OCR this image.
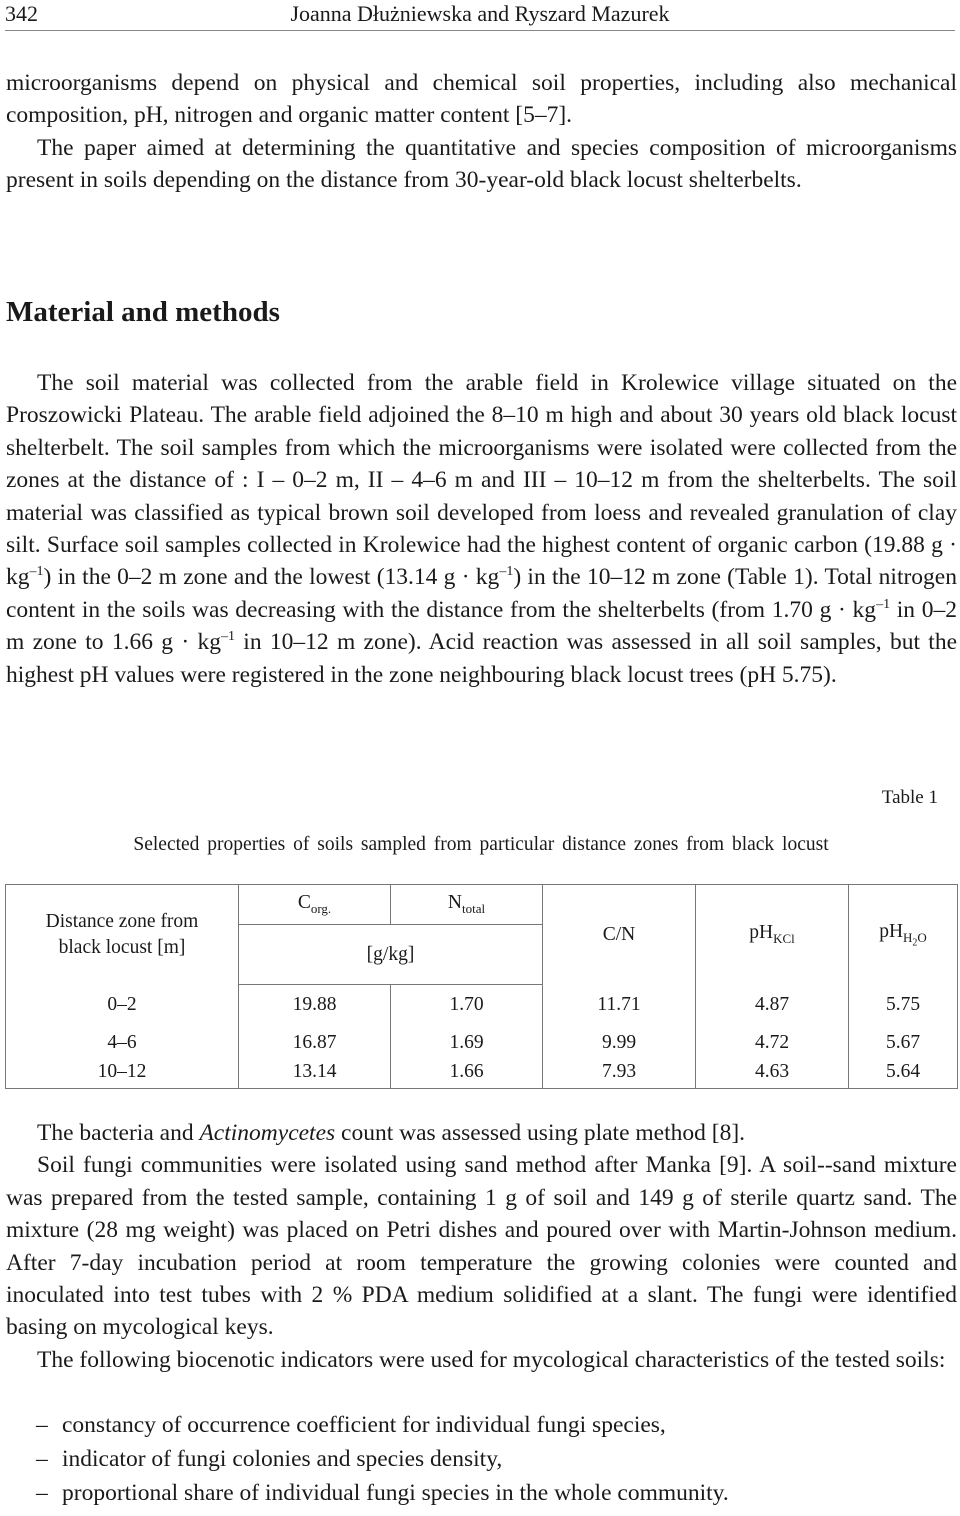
342	Joanna Dłużniewska and Ryszard Mazurek

microorganisms depend on physical and chemical soil properties, including also mechanical composition, pH, nitrogen and organic matter content [5–7].

The paper aimed at determining the quantitative and species composition of microorganisms present in soils depending on the distance from 30-year-old black locust shelterbelts.

Material and methods

The soil material was collected from the arable field in Krolewice village situated on the Proszowicki Plateau. The arable field adjoined the 8–10 m high and about 30 years old black locust shelterbelt. The soil samples from which the microorganisms were isolated were collected from the zones at the distance of : I – 0–2 m, II – 4–6 m and III – 10–12 m from the shelterbelts. The soil material was classified as typical brown soil developed from loess and revealed granulation of clay silt. Surface soil samples collected in Krolewice had the highest content of organic carbon (19.88 $g \cdot kg^{-1}$) in the 0–2 m zone and the lowest (13.14 $g \cdot kg^{-1}$) in the 10–12 m zone (Table 1). Total nitrogen content in the soils was decreasing with the distance from the shelterbelts (from 1.70 $g \cdot kg^{-1}$ in 0–2 m zone to 1.66 $g \cdot kg^{-1}$ in 10–12 m zone). Acid reaction was assessed in all soil samples, but the highest pH values were registered in the zone neighbouring black locust trees (pH 5.75).

Table 1
Selected properties of soils sampled from particular distance zones from black locust
Distance zone from black locust [m]	$C_{org.}$	$N_{total}$	C/N	$pH_{KCl}$	$pH_{H_2O}$
	[g/kg]				
0–2	19.88	1.70	11.71	4.87	5.75
4–6	16.87	1.69	9.99	4.72	5.67
10–12	13.14	1.66	7.93	4.63	5.64

The bacteria and Actinomycetes count was assessed using plate method [8].

Soil fungi communities were isolated using sand method after Manka [9]. A soil--sand mixture was prepared from the tested sample, containing 1 g of soil and 149 g of sterile quartz sand. The mixture (28 mg weight) was placed on Petri dishes and poured over with Martin-Johnson medium. After 7-day incubation period at room temperature the growing colonies were counted and inoculated into test tubes with 2 % PDA medium solidified at a slant. The fungi were identified basing on mycological keys.

The following biocenotic indicators were used for mycological characteristics of the tested soils:

– constancy of occurrence coefficient for individual fungi species,
– indicator of fungi colonies and species density,
– proportional share of individual fungi species in the whole community.
